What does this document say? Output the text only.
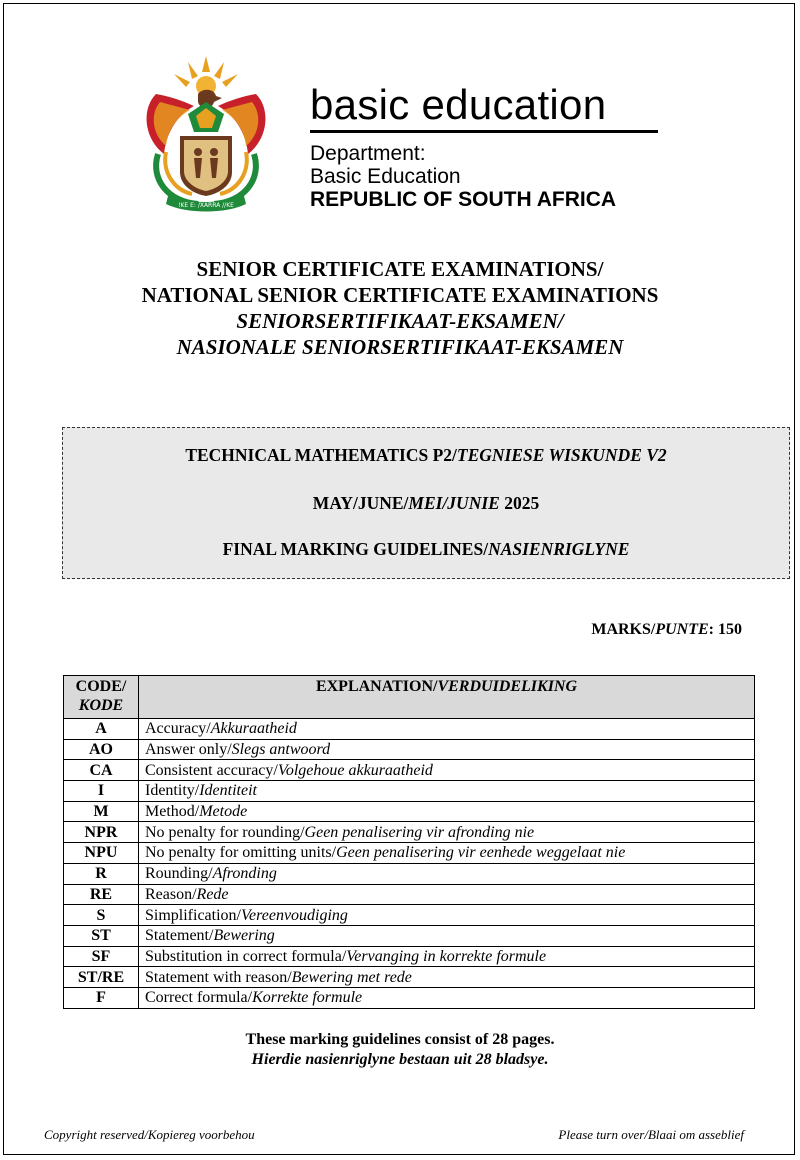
!KE E: /XARRA //KE
basic education
Department:
Basic Education
REPUBLIC OF SOUTH AFRICA
SENIOR CERTIFICATE EXAMINATIONS/
NATIONAL SENIOR CERTIFICATE EXAMINATIONS
SENIORSERTIFIKAAT-EKSAMEN/
NASIONALE SENIORSERTIFIKAAT-EKSAMEN
TECHNICAL MATHEMATICS P2/TEGNIESE WISKUNDE V2
MAY/JUNE/MEI/JUNIE 2025
FINAL MARKING GUIDELINES/NASIENRIGLYNE
MARKS/PUNTE: 150
CODE/
KODE	EXPLANATION/VERDUIDELIKING
A	Accuracy/Akkuraatheid
AO	Answer only/Slegs antwoord
CA	Consistent accuracy/Volgehoue akkuraatheid
I	Identity/Identiteit
M	Method/Metode
NPR	No penalty for rounding/Geen penalisering vir afronding nie
NPU	No penalty for omitting units/Geen penalisering vir eenhede weggelaat nie
R	Rounding/Afronding
RE	Reason/Rede
S	Simplification/Vereenvoudiging
ST	Statement/Bewering
SF	Substitution in correct formula/Vervanging in korrekte formule
ST/RE	Statement with reason/Bewering met rede
F	Correct formula/Korrekte formule
These marking guidelines consist of 28 pages.
Hierdie nasienriglyne bestaan uit 28 bladsye.
Copyright reserved/Kopiereg voorbehou	Please turn over/Blaai om asseblief
